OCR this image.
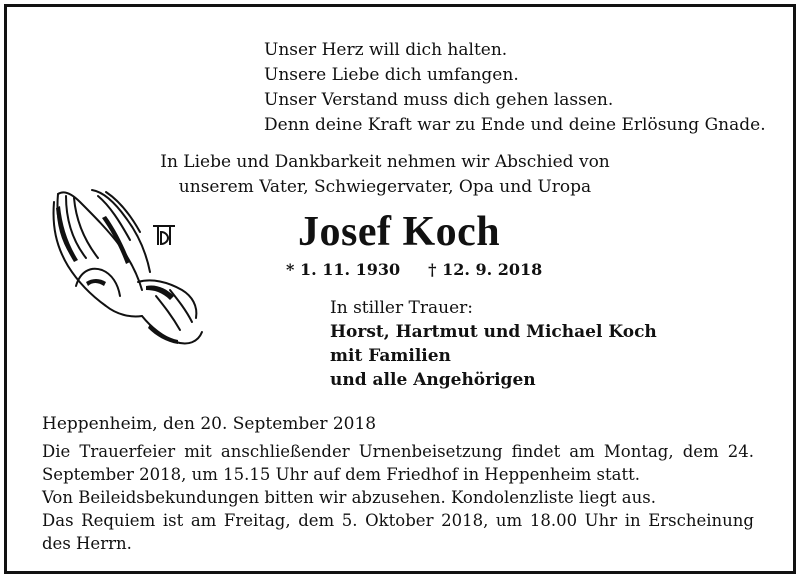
Unser Herz will dich halten.
Unsere Liebe dich umfangen.
Unser Verstand muss dich gehen lassen.
Denn deine Kraft war zu Ende und deine Erlösung Gnade.
In Liebe und Dankbarkeit nehmen wir Abschied von
unserem Vater, Schwiegervater, Opa und Uropa
Josef Koch
* 1. 11. 1930 † 12. 9. 2018
In stiller Trauer:
Horst, Hartmut und Michael Koch
mit Familien
und alle Angehörigen
Heppenheim, den 20. September 2018

Die Trauerfeier mit anschließender Urnenbeisetzung findet am Montag, dem 24. September 2018, um 15.15 Uhr auf dem Friedhof in Heppenheim statt.

Von Beileidsbekundungen bitten wir abzusehen. Kondolenzliste liegt aus.

Das Requiem ist am Freitag, dem 5. Oktober 2018, um 18.00 Uhr in Erscheinung des Herrn.
